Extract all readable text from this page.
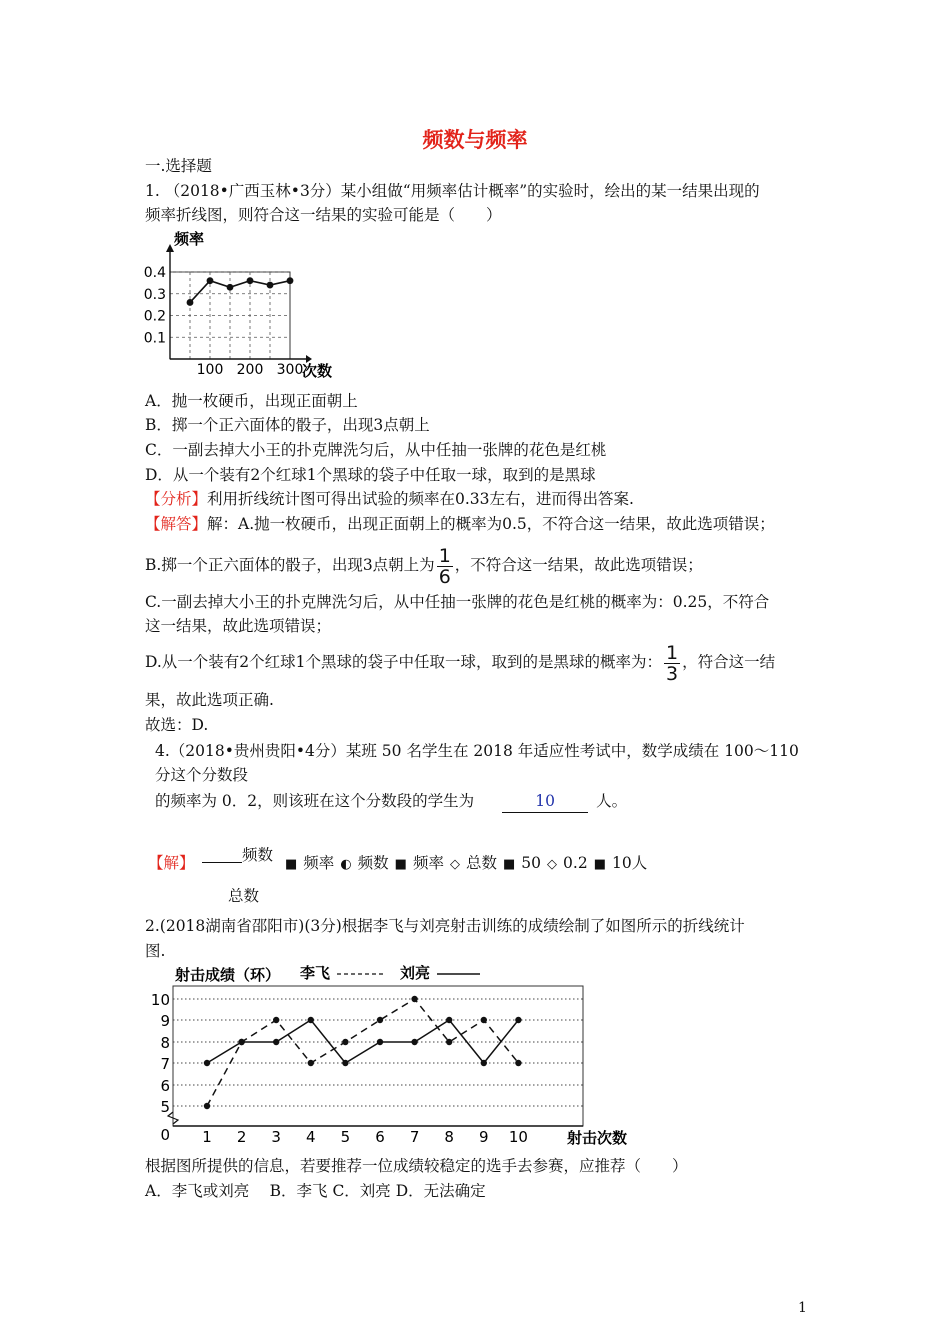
频数与频率
一.选择题
1. （2018•广西玉林•3分）某小组做“用频率估计概率”的实验时，绘出的某一结果出现的
频率折线图，则符合这一结果的实验可能是（　　）
0.1
0.2
0.3
0.4
频率
次数
100 200 300
A．抛一枚硬币，出现正面朝上
B．掷一个正六面体的骰子，出现3点朝上
C．一副去掉大小王的扑克牌洗匀后，从中任抽一张牌的花色是红桃
D．从一个装有2个红球1个黑球的袋子中任取一球，取到的是黑球
【分析】利用折线统计图可得出试验的频率在0.33左右，进而得出答案.
【解答】解：A.抛一枚硬币，出现正面朝上的概率为0.5，不符合这一结果，故此选项错误；
B.掷一个正六面体的骰子，出现3点朝上为 $\frac{1}{6}$ ，不符合这一结果，故此选项错误；
C.一副去掉大小王的扑克牌洗匀后，从中任抽一张牌的花色是红桃的概率为：0.25，不符合
这一结果，故此选项错误；
D.从一个装有2个红球1个黑球的袋子中任取一球，取到的是黑球的概率为： $\frac{1}{3}$ ，符合这一结
果，故此选项正确.
故选：D.
4.（2018•贵州贵阳•4分）某班 50 名学生在 2018 年适应性考试中，数学成绩在 100～110
分这个分数段
的频率为 0．2，则该班在这个分数段的学生为	10	人。
【解】	频数
总数
■ 频率 ◐ 频数 ■ 频率 ◇ 总数 ■ 50 ◇ 0.2 ■ 10人
2.(2018湖南省邵阳市)(3分)根据李飞与刘亮射击训练的成绩绘制了如图所示的折线统计
图.
5
6
7
8
9
10
0 1 2 3 4 5 6 7 8 9 10	射击次数
射击成绩（环） 李飞	刘亮
根据图所提供的信息，若要推荐一位成绩较稳定的选手去参赛，应推荐（　　）
A．李飞或刘亮　 B．李飞 C．刘亮 D．无法确定
1
